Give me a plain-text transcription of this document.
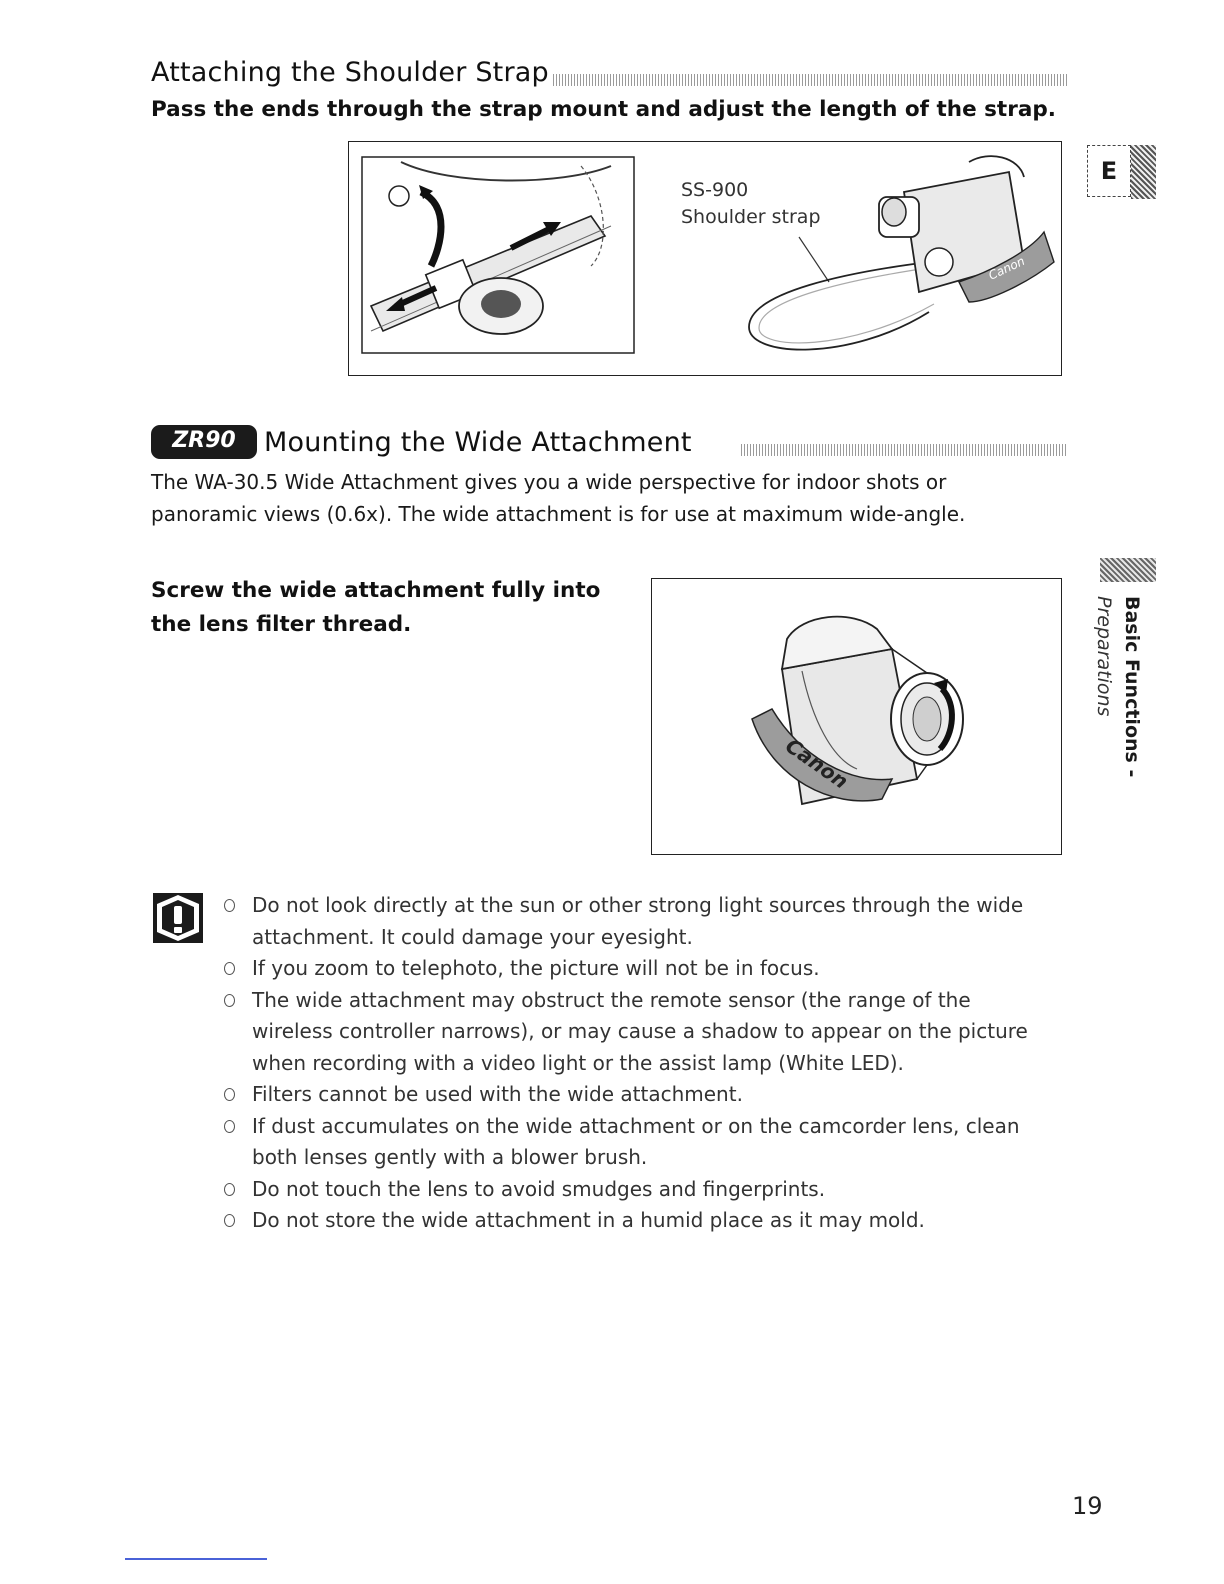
Attaching the Shoulder Strap
Pass the ends through the strap mount and adjust the length of the strap.
SS-900
Shoulder strap
Canon
ZR90	Mounting the Wide Attachment
The WA-30.5 Wide Attachment gives you a wide perspective for indoor shots or
panoramic views (0.6x). The wide attachment is for use at maximum wide-angle.
Screw the wide attachment fully into
the lens filter thread.
Canon
Do not look directly at the sun or other strong light sources through the wide
attachment. It could damage your eyesight.
If you zoom to telephoto, the picture will not be in focus.
The wide attachment may obstruct the remote sensor (the range of the
wireless controller narrows), or may cause a shadow to appear on the picture
when recording with a video light or the assist lamp (White LED).
Filters cannot be used with the wide attachment.
If dust accumulates on the wide attachment or on the camcorder lens, clean
both lenses gently with a blower brush.
Do not touch the lens to avoid smudges and fingerprints.
Do not store the wide attachment in a humid place as it may mold.
E
Basic Functions -
Preparations
19
